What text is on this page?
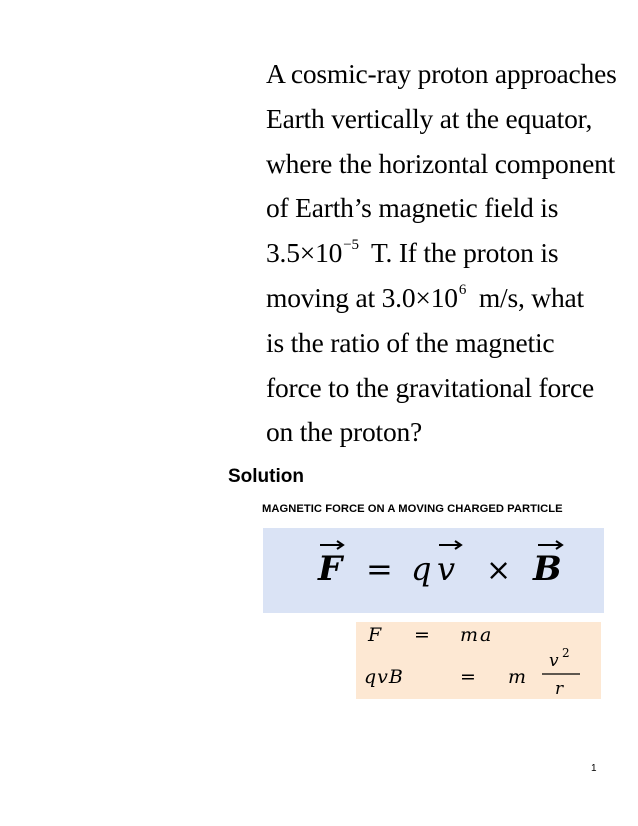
A cosmic-ray proton approaches
Earth vertically at the equator,
where the horizontal component
of Earth’s magnetic field is
$3.5\times 10^{-5}$ T. If the proton is
moving at $3.0\times 10^6$ m/s, what
is the ratio of the magnetic
force to the gravitational force
on the proton?
Solution
MAGNETIC FORCE ON A MOVING CHARGED PARTICLE
F = q v × B
F = ma
qvB	= m
v 2
r
1
